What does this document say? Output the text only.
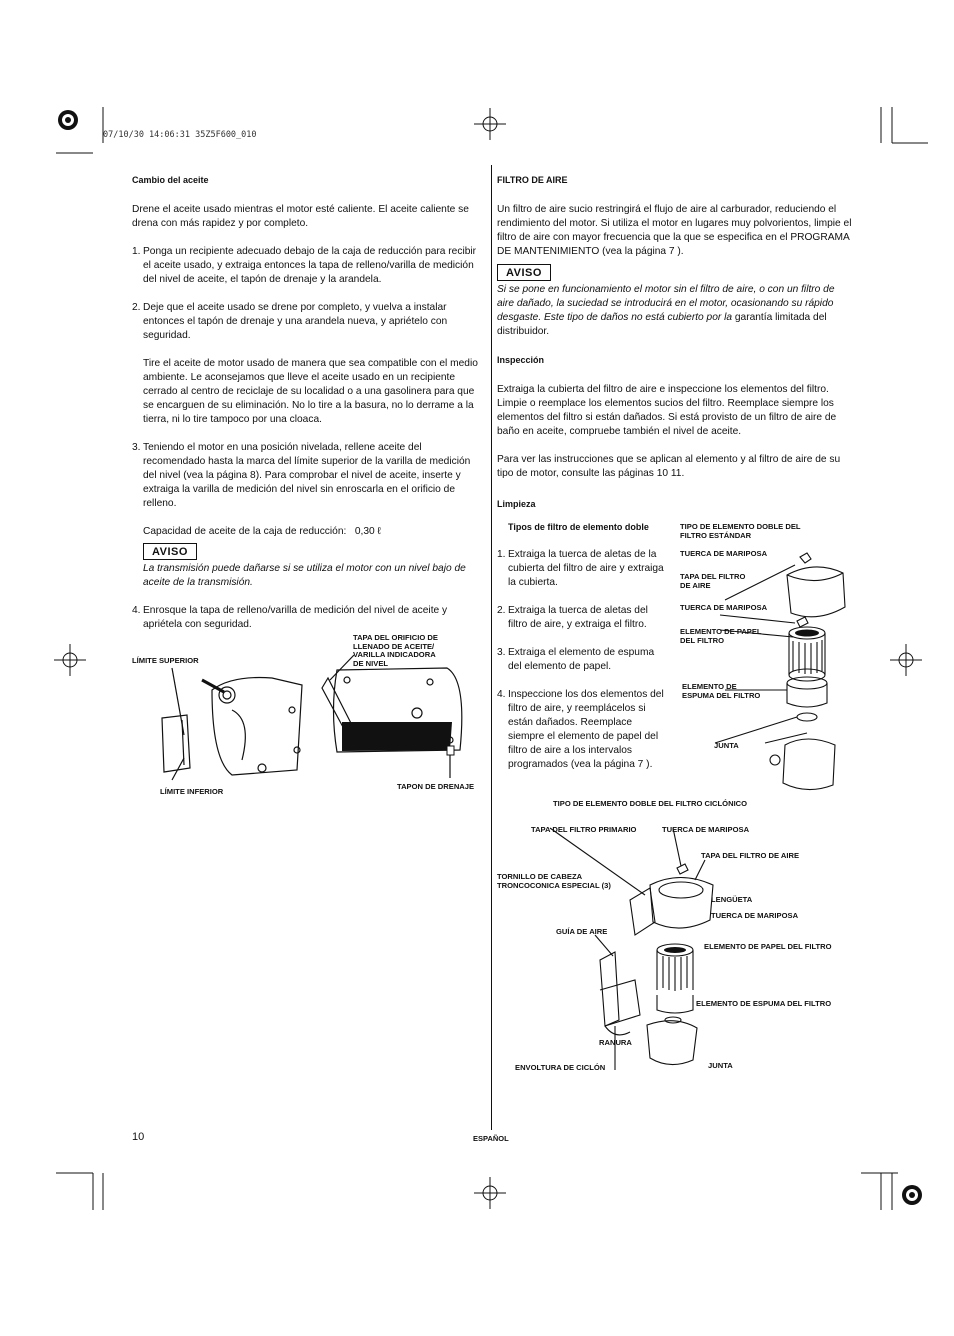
07/10/30 14:06:31 35Z5F600_010

Cambio del aceite

Drene el aceite usado mientras el motor esté caliente. El aceite caliente se drena con más rapidez y por completo.

1. Ponga un recipiente adecuado debajo de la caja de reducción para recibir el aceite usado, y extraiga entonces la tapa de relleno/varilla de medición del nivel de aceite, el tapón de drenaje y la arandela.
2. Deje que el aceite usado se drene por completo, y vuelva a instalar entonces el tapón de drenaje y una arandela nueva, y apriételo con seguridad.

Tire el aceite de motor usado de manera que sea compatible con el medio ambiente. Le aconsejamos que lleve el aceite usado en un recipiente cerrado al centro de reciclaje de su localidad o a una gasolinera para que se encarguen de su eliminación. No lo tire a la basura, no lo derrame a la tierra, ni lo tire tampoco por una cloaca.

3. Teniendo el motor en una posición nivelada, rellene aceite del recomendado hasta la marca del límite superior de la varilla de medición del nivel (vea la página 8). Para comprobar el nivel de aceite, inserte y extraiga la varilla de medición del nivel sin enroscarla en el orificio de relleno.

Capacidad de aceite de la caja de reducción: 0,30 ℓ

AVISO

La transmisión puede dañarse si se utiliza el motor con un nivel bajo de aceite de la transmisión.

4. Enrosque la tapa de relleno/varilla de medición del nivel de aceite y apriétela con seguridad.
LÍMITE SUPERIOR
LÍMITE INFERIOR
TAPA DEL ORIFICIO DE
LLENADO DE ACEITE/
VARILLA INDICADORA
DE NIVEL
TAPON DE DRENAJE

FILTRO DE AIRE

Un filtro de aire sucio restringirá el flujo de aire al carburador, reduciendo el rendimiento del motor. Si utiliza el motor en lugares muy polvorientos, limpie el filtro de aire con mayor frecuencia que la que se especifica en el PROGRAMA DE MANTENIMIENTO (vea la página 7 ).

AVISO

Si se pone en funcionamiento el motor sin el filtro de aire, o con un filtro de aire dañado, la suciedad se introducirá en el motor, ocasionando su rápido desgaste. Este tipo de daños no está cubierto por la garantía limitada del distribuidor.

Inspección

Extraiga la cubierta del filtro de aire e inspeccione los elementos del filtro. Limpie o reemplace los elementos sucios del filtro. Reemplace siempre los elementos del filtro si están dañados. Si está provisto de un filtro de aire de baño en aceite, compruebe también el nivel de aceite.

Para ver las instrucciones que se aplican al elemento y al filtro de aire de su tipo de motor, consulte las páginas 10 11.

Limpieza

Tipos de filtro de elemento doble

1. Extraiga la tuerca de aletas de la cubierta del filtro de aire y extraiga la cubierta.
2. Extraiga la tuerca de aletas del filtro de aire, y extraiga el filtro.
3. Extraiga el elemento de espuma del elemento de papel.
4. Inspeccione los dos elementos del filtro de aire, y reemplácelos si están dañados. Reemplace siempre el elemento de papel del filtro de aire a los intervalos programados (vea la página 7 ).
TIPO DE ELEMENTO DOBLE DEL
FILTRO ESTÁNDAR
TUERCA DE MARIPOSA
TAPA DEL FILTRO
DE AIRE
TUERCA DE MARIPOSA
ELEMENTO DE PAPEL
DEL FILTRO
ELEMENTO DE
ESPUMA DEL FILTRO
JUNTA
TIPO DE ELEMENTO DOBLE DEL FILTRO CICLÓNICO
TAPA DEL FILTRO PRIMARIO	TUERCA DE MARIPOSA
TAPA DEL FILTRO DE AIRE
TORNILLO DE CABEZA
TRONCOCONICA ESPECIAL (3)
LENGÜETA
TUERCA DE MARIPOSA
GUÍA DE AIRE
ELEMENTO DE PAPEL DEL FILTRO
ELEMENTO DE ESPUMA DEL FILTRO
RANURA
JUNTA
ENVOLTURA DE CICLÓN
10	ESPAÑOL
